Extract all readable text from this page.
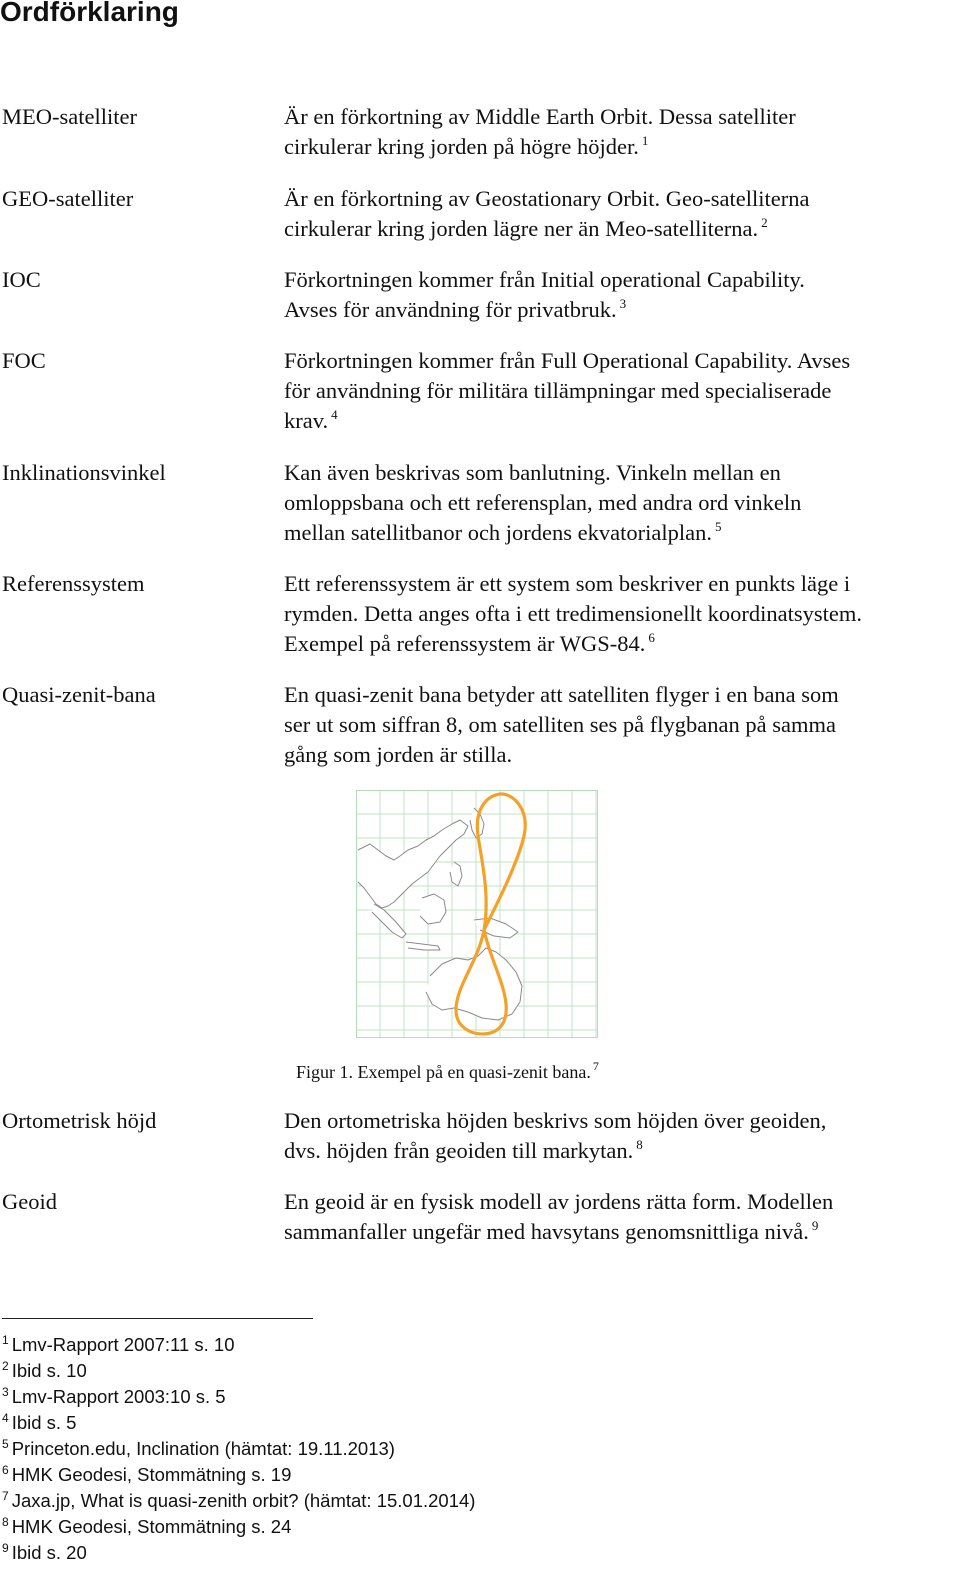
Ordförklaring
MEO-satelliter	Är en förkortning av Middle Earth Orbit. Dessa satelliter
cirkulerar kring jorden på högre höjder. $^1$
GEO-satelliter	Är en förkortning av Geostationary Orbit. Geo-satelliterna
cirkulerar kring jorden lägre ner än Meo-satelliterna. $^2$
IOC	Förkortningen kommer från Initial operational Capability.
Avses för användning för privatbruk. $^3$
FOC	Förkortningen kommer från Full Operational Capability. Avses
för användning för militära tillämpningar med specialiserade
krav. $^4$
Inklinationsvinkel	Kan även beskrivas som banlutning. Vinkeln mellan en
omloppsbana och ett referensplan, med andra ord vinkeln
mellan satellitbanor och jordens ekvatorialplan. $^5$
Referenssystem	Ett referenssystem är ett system som beskriver en punkts läge i
rymden. Detta anges ofta i ett tredimensionellt koordinatsystem.
Exempel på referenssystem är WGS-84. $^6$
Quasi-zenit-bana	En quasi-zenit bana betyder att satelliten flyger i en bana som
ser ut som siffran 8, om satelliten ses på flygbanan på samma
gång som jorden är stilla.
Figur 1. Exempel på en quasi-zenit bana. $^7$
Ortometrisk höjd	Den ortometriska höjden beskrivs som höjden över geoiden,
dvs. höjden från geoiden till markytan. $^8$
Geoid	En geoid är en fysisk modell av jordens rätta form. Modellen
sammanfaller ungefär med havsytans genomsnittliga nivå. $^9$
$^1$ Lmv-Rapport 2007:11 s. 10
$^2$ Ibid s. 10
$^3$ Lmv-Rapport 2003:10 s. 5
$^4$ Ibid s. 5
$^5$ Princeton.edu, Inclination (hämtat: 19.11.2013)
$^6$ HMK Geodesi, Stommätning s. 19
$^7$ Jaxa.jp, What is quasi-zenith orbit? (hämtat: 15.01.2014)
$^8$ HMK Geodesi, Stommätning s. 24
$^9$ Ibid s. 20
